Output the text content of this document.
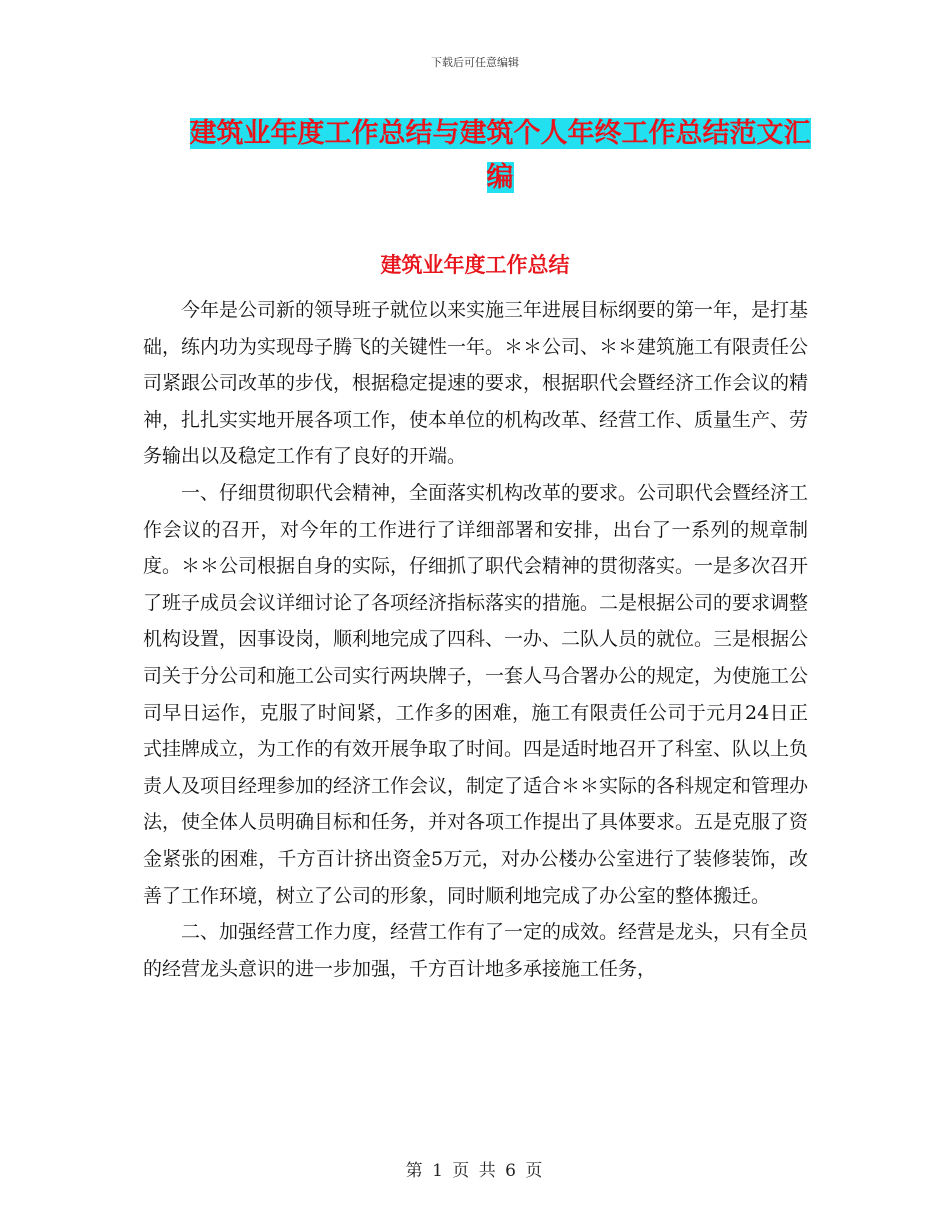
下载后可任意编辑
建筑业年度工作总结与建筑个人年终工作总结范文汇
编
建筑业年度工作总结

今年是公司新的领导班子就位以来实施三年进展目标纲要的第一年，是打基础，练内功为实现母子腾飞的关键性一年。＊＊公司、＊＊建筑施工有限责任公司紧跟公司改革的步伐，根据稳定提速的要求，根据职代会暨经济工作会议的精神，扎扎实实地开展各项工作，使本单位的机构改革、经营工作、质量生产、劳务输出以及稳定工作有了良好的开端。

一、仔细贯彻职代会精神，全面落实机构改革的要求。公司职代会暨经济工作会议的召开，对今年的工作进行了详细部署和安排，出台了一系列的规章制度。＊＊公司根据自身的实际，仔细抓了职代会精神的贯彻落实。一是多次召开了班子成员会议详细讨论了各项经济指标落实的措施。二是根据公司的要求调整机构设置，因事设岗，顺利地完成了四科、一办、二队人员的就位。三是根据公司关于分公司和施工公司实行两块牌子，一套人马合署办公的规定，为使施工公司早日运作，克服了时间紧，工作多的困难，施工有限责任公司于元月24日正式挂牌成立，为工作的有效开展争取了时间。四是适时地召开了科室、队以上负责人及项目经理参加的经济工作会议，制定了适合＊＊实际的各科规定和管理办法，使全体人员明确目标和任务，并对各项工作提出了具体要求。五是克服了资金紧张的困难，千方百计挤出资金5万元，对办公楼办公室进行了装修装饰，改善了工作环境，树立了公司的形象，同时顺利地完成了办公室的整体搬迁。

二、加强经营工作力度，经营工作有了一定的成效。经营是龙头，只有全员的经营龙头意识的进一步加强，千方百计地多承接施工任务，

第 1 页 共 6 页
